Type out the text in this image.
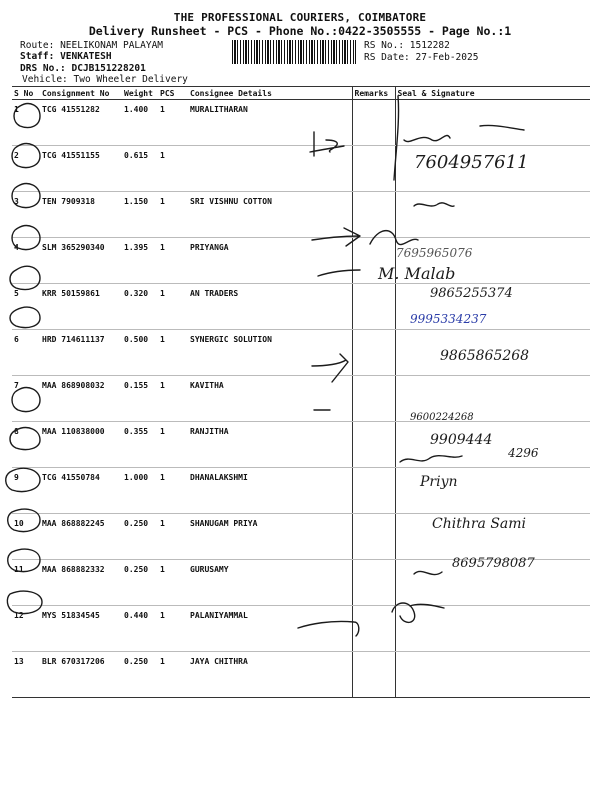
THE PROFESSIONAL COURIERS, COIMBATORE
Delivery Runsheet - PCS - Phone No.:0422-3505555 - Page No.:1
Route: NEELIKONAM PALAYAM
Staff: VENKATESH
DRS No.: DCJB151228201
Vehicle: Two Wheeler Delivery
RS No.: 1512282
RS Date: 27-Feb-2025
S No	Consignment No	Weight	PCS	Consignee Details	Remarks	Seal & Signature
1	TCG 41551282	1.400	1	MURALITHARAN		
2	TCG 41551155	0.615	1			
3	TEN 7909318	1.150	1	SRI VISHNU COTTON		
4	SLM 365290340	1.395	1	PRIYANGA		
5	KRR 50159861	0.320	1	AN TRADERS		
6	HRD 714611137	0.500	1	SYNERGIC SOLUTION		
7	MAA 868908032	0.155	1	KAVITHA		
8	MAA 110838000	0.355	1	RANJITHA		
9	TCG 41550784	1.000	1	DHANALAKSHMI		
10	MAA 868882245	0.250	1	SHANUGAM PRIYA		
11	MAA 868882332	0.250	1	GURUSAMY		
12	MYS 51834545	0.440	1	PALANIYAMMAL		
13	BLR 670317206	0.250	1	JAYA CHITHRA		
7604957611
7695965076
M. Malab
9865255374
9995334237
9865865268
9600224268
9909444
4296
Priyn
Chithra Sami
8695798087
